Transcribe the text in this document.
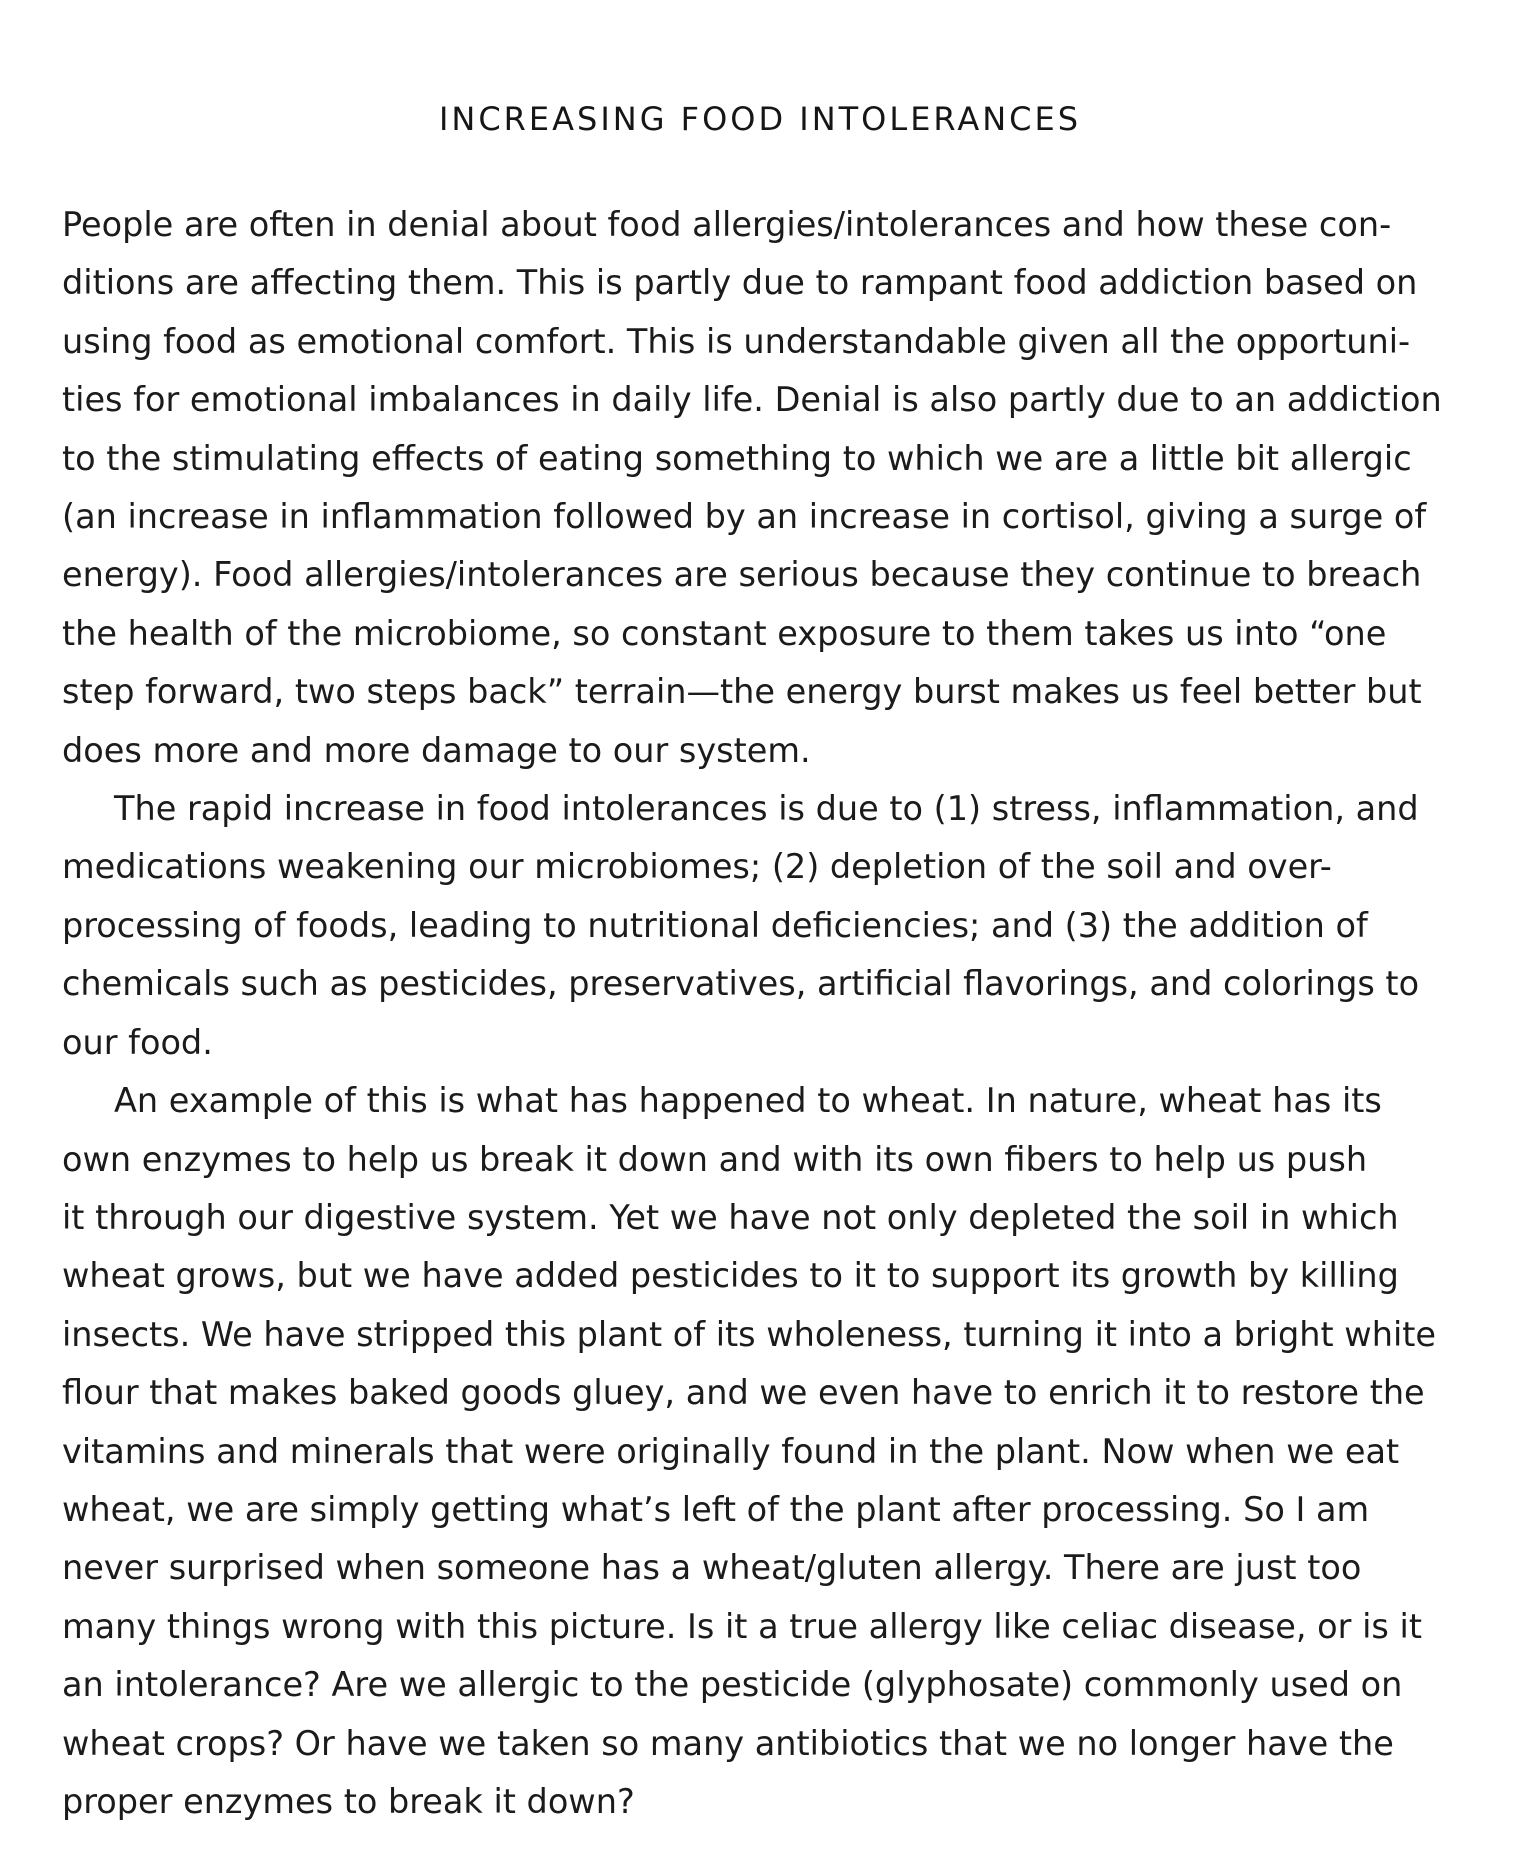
INCREASING FOOD INTOLERANCES
People are often in denial about food allergies/intolerances and how these con-
ditions are affecting them. This is partly due to rampant food addiction based on
using food as emotional comfort. This is understandable given all the opportuni-
ties for emotional imbalances in daily life. Denial is also partly due to an addiction
to the stimulating effects of eating something to which we are a little bit allergic
(an increase in inflammation followed by an increase in cortisol, giving a surge of
energy). Food allergies/intolerances are serious because they continue to breach
the health of the microbiome, so constant exposure to them takes us into “one
step forward, two steps back” terrain—the energy burst makes us feel better but
does more and more damage to our system.
The rapid increase in food intolerances is due to (1) stress, inflammation, and
medications weakening our microbiomes; (2) depletion of the soil and over-
processing of foods, leading to nutritional deficiencies; and (3) the addition of
chemicals such as pesticides, preservatives, artificial flavorings, and colorings to
our food.
An example of this is what has happened to wheat. In nature, wheat has its
own enzymes to help us break it down and with its own fibers to help us push
it through our digestive system. Yet we have not only depleted the soil in which
wheat grows, but we have added pesticides to it to support its growth by killing
insects. We have stripped this plant of its wholeness, turning it into a bright white
flour that makes baked goods gluey, and we even have to enrich it to restore the
vitamins and minerals that were originally found in the plant. Now when we eat
wheat, we are simply getting what’s left of the plant after processing. So I am
never surprised when someone has a wheat/gluten allergy. There are just too
many things wrong with this picture. Is it a true allergy like celiac disease, or is it
an intolerance? Are we allergic to the pesticide (glyphosate) commonly used on
wheat crops? Or have we taken so many antibiotics that we no longer have the
proper enzymes to break it down?
